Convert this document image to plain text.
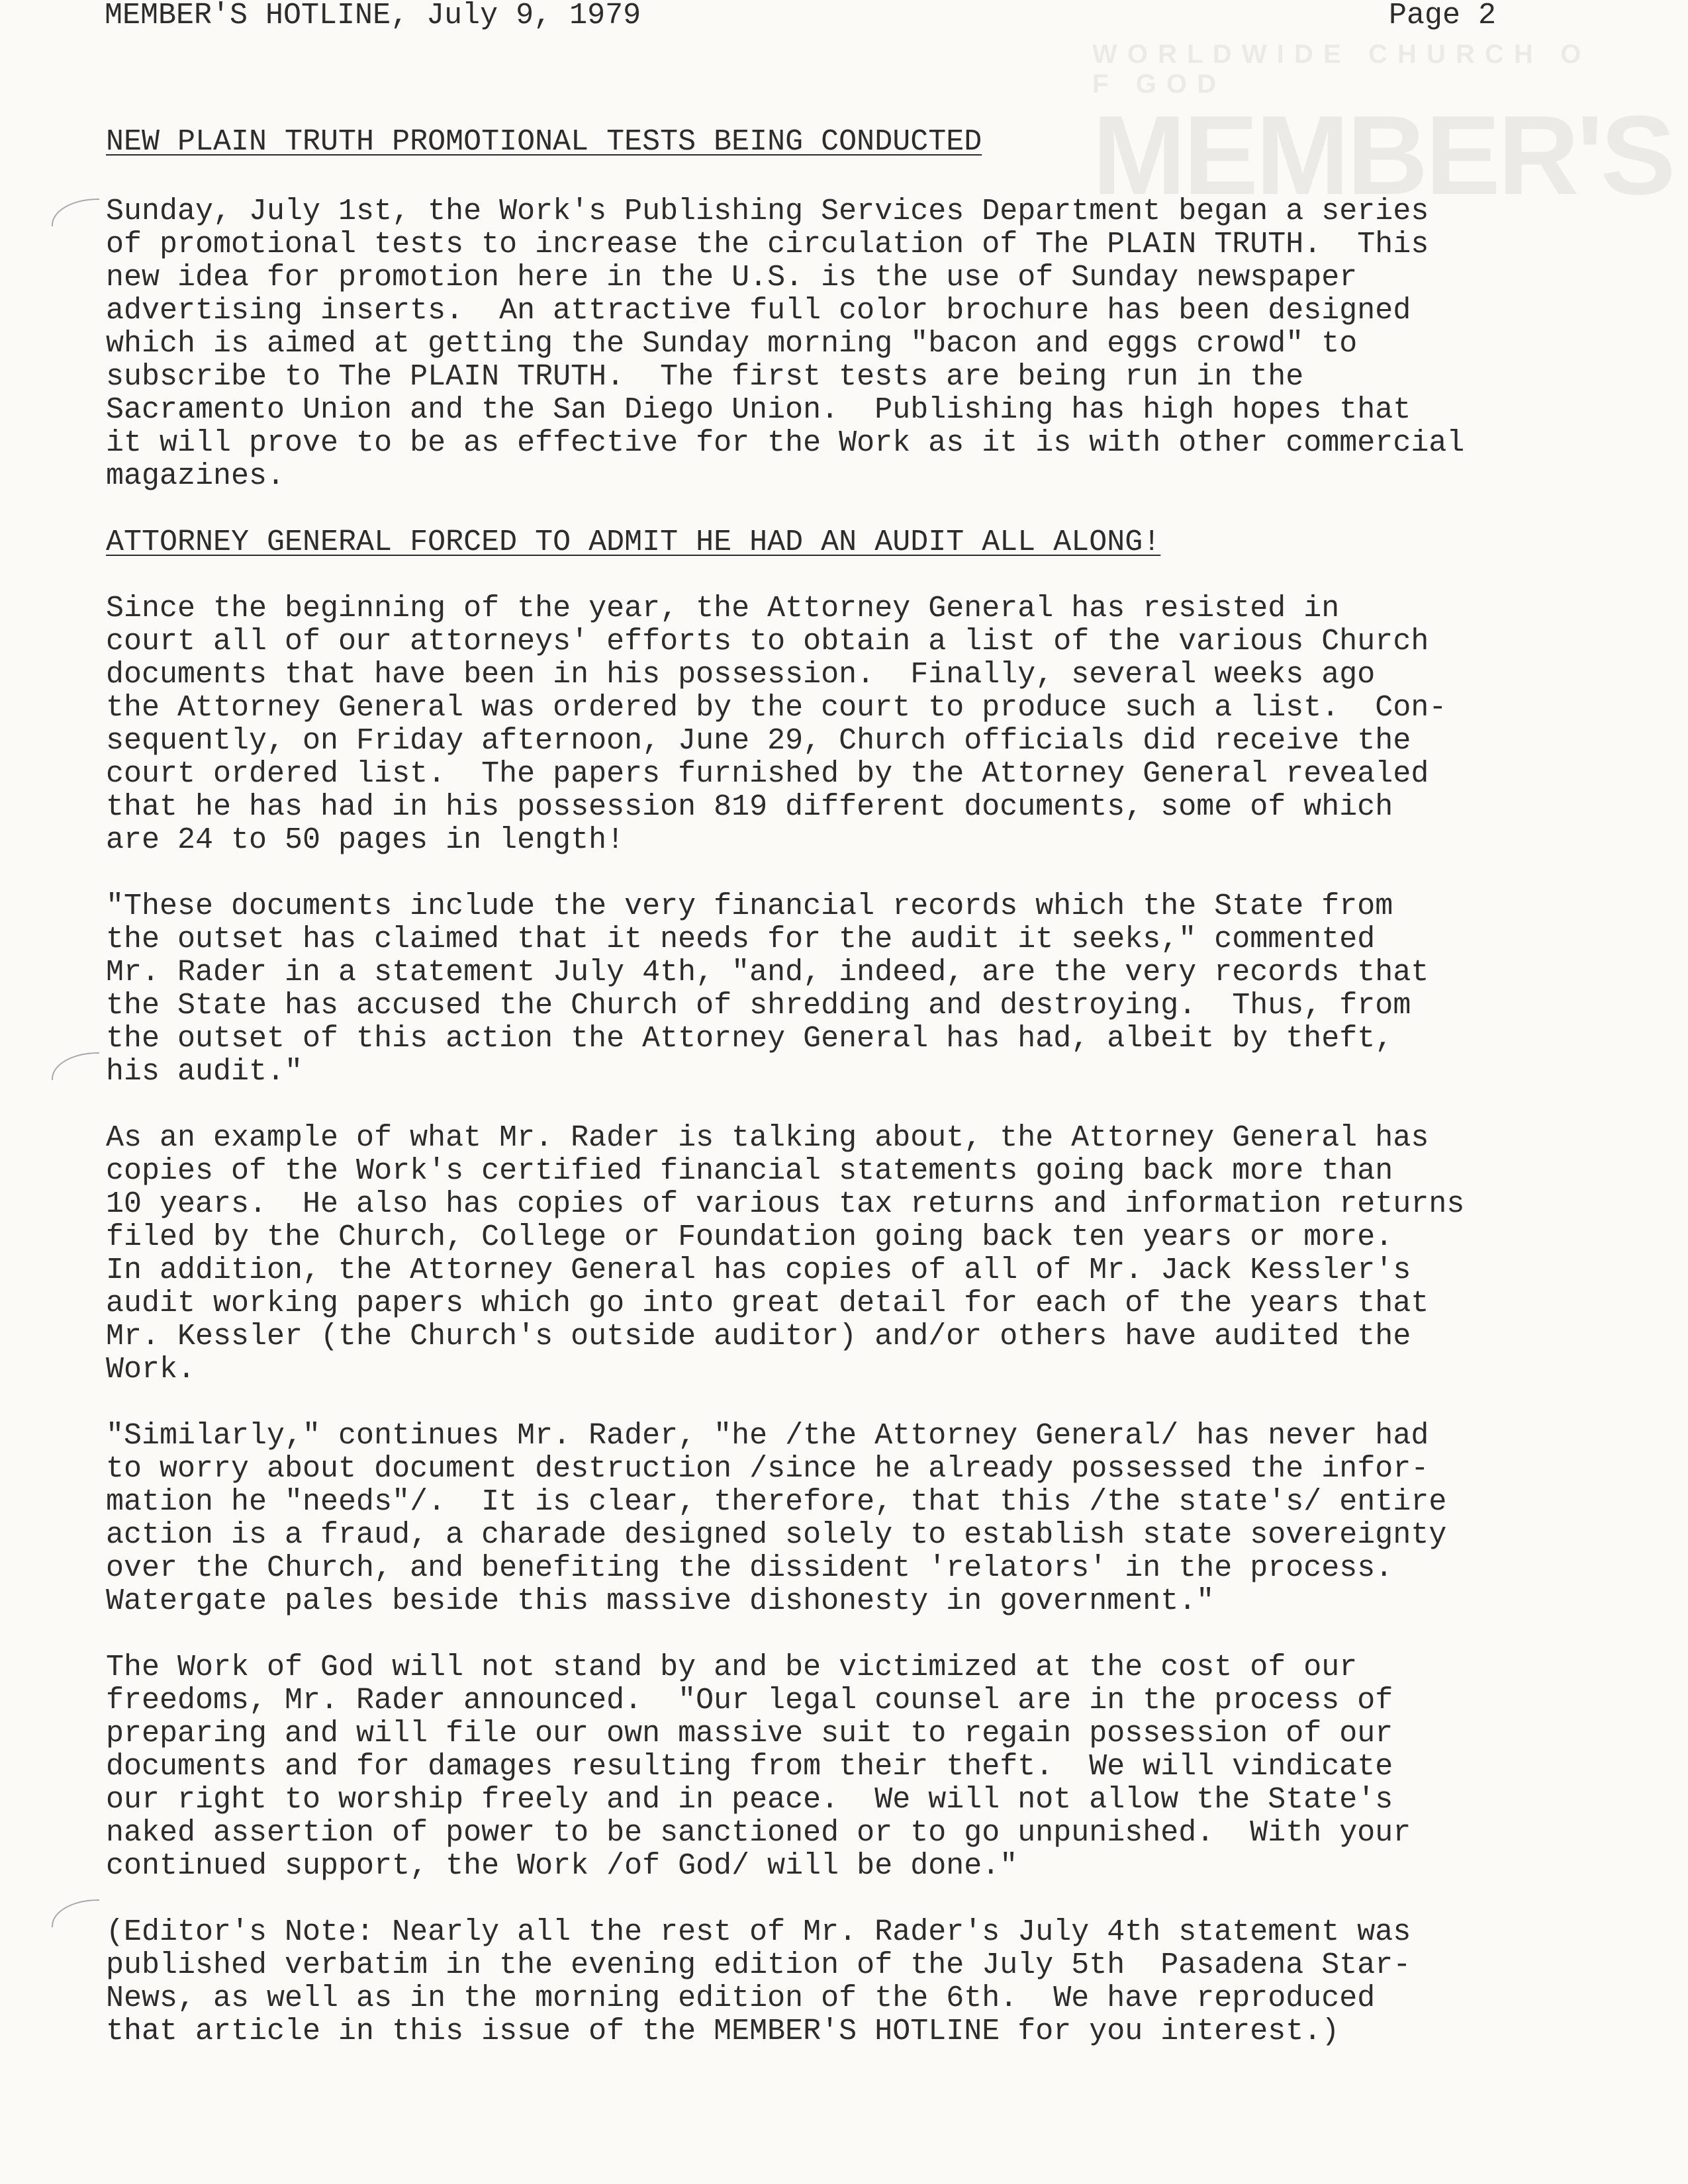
W O R L D W I D E   C H U R C H   O F   G O D
MEMBER'S
MEMBER'S HOTLINE, July 9, 1979	Page 2
NEW PLAIN TRUTH PROMOTIONAL TESTS BEING CONDUCTED
Sunday, July 1st, the Work's Publishing Services Department began a series
of promotional tests to increase the circulation of The PLAIN TRUTH.  This
new idea for promotion here in the U.S. is the use of Sunday newspaper
advertising inserts.  An attractive full color brochure has been designed
which is aimed at getting the Sunday morning "bacon and eggs crowd" to
subscribe to The PLAIN TRUTH.  The first tests are being run in the
Sacramento Union and the San Diego Union.  Publishing has high hopes that
it will prove to be as effective for the Work as it is with other commercial
magazines.
ATTORNEY GENERAL FORCED TO ADMIT HE HAD AN AUDIT ALL ALONG!
Since the beginning of the year, the Attorney General has resisted in
court all of our attorneys' efforts to obtain a list of the various Church
documents that have been in his possession.  Finally, several weeks ago
the Attorney General was ordered by the court to produce such a list.  Con-
sequently, on Friday afternoon, June 29, Church officials did receive the
court ordered list.  The papers furnished by the Attorney General revealed
that he has had in his possession 819 different documents, some of which
are 24 to 50 pages in length!
"These documents include the very financial records which the State from
the outset has claimed that it needs for the audit it seeks," commented
Mr. Rader in a statement July 4th, "and, indeed, are the very records that
the State has accused the Church of shredding and destroying.  Thus, from
the outset of this action the Attorney General has had, albeit by theft,
his audit."
As an example of what Mr. Rader is talking about, the Attorney General has
copies of the Work's certified financial statements going back more than
10 years.  He also has copies of various tax returns and information returns
filed by the Church, College or Foundation going back ten years or more.
In addition, the Attorney General has copies of all of Mr. Jack Kessler's
audit working papers which go into great detail for each of the years that
Mr. Kessler (the Church's outside auditor) and/or others have audited the
Work.
"Similarly," continues Mr. Rader, "he /the Attorney General/ has never had
to worry about document destruction /since he already possessed the infor-
mation he "needs"/.  It is clear, therefore, that this /the state's/ entire
action is a fraud, a charade designed solely to establish state sovereignty
over the Church, and benefiting the dissident 'relators' in the process.
Watergate pales beside this massive dishonesty in government."
The Work of God will not stand by and be victimized at the cost of our
freedoms, Mr. Rader announced.  "Our legal counsel are in the process of
preparing and will file our own massive suit to regain possession of our
documents and for damages resulting from their theft.  We will vindicate
our right to worship freely and in peace.  We will not allow the State's
naked assertion of power to be sanctioned or to go unpunished.  With your
continued support, the Work /of God/ will be done."
(Editor's Note: Nearly all the rest of Mr. Rader's July 4th statement was
published verbatim in the evening edition of the July 5th  Pasadena Star-
News, as well as in the morning edition of the 6th.  We have reproduced
that article in this issue of the MEMBER'S HOTLINE for you interest.)
